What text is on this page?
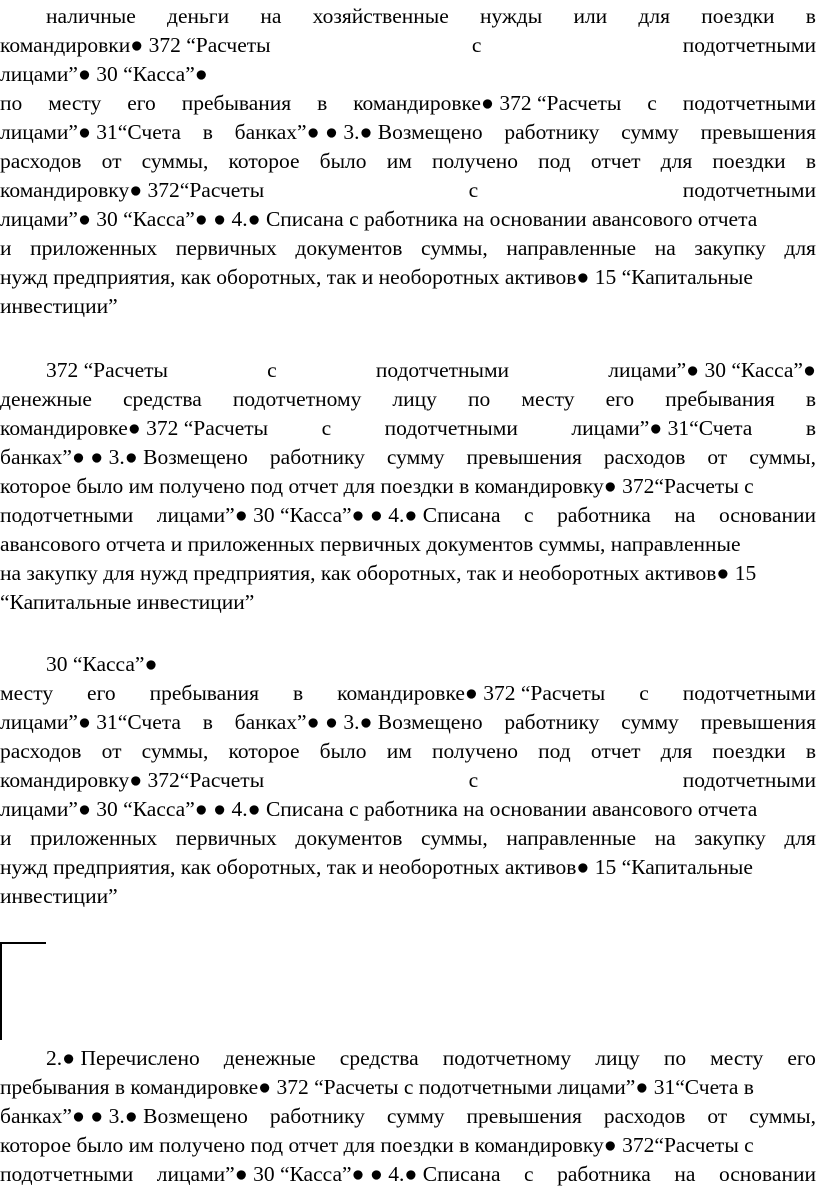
наличные деньги на хозяйственные нужды или для поездки в
командировки● 372 “Расчеты	с	подотчетными
лицами”● 30 “Касса”●
по месту его пребывания в командировке● 372 “Расчеты с подотчетными
лицами”● 31“Счета в банках”● ● 3.● Возмещено работнику сумму превышения
расходов от суммы, которое было им получено под отчет для поездки в
командировку● 372“Расчеты	с	подотчетными
лицами”● 30 “Касса”● ● 4.● Списана с работника на основании авансового отчета
и приложенных первичных документов суммы, направленные на закупку для
нужд предприятия, как оборотных, так и необоротных активов● 15 “Капитальные
инвестиции”
372 “Расчеты	с	подотчетными	лицами”● 30 “Касса”●
денежные средства подотчетному лицу по месту его пребывания в
командировке● 372 “Расчеты с подотчетными лицами”● 31“Счета в
банках”● ● 3.● Возмещено работнику сумму превышения расходов от суммы,
которое было им получено под отчет для поездки в командировку● 372“Расчеты с
подотчетными лицами”● 30 “Касса”● ● 4.● Списана с работника на основании
авансового отчета и приложенных первичных документов суммы, направленные
на закупку для нужд предприятия, как оборотных, так и необоротных активов● 15
“Капитальные инвестиции”
30 “Касса”●
месту его пребывания в командировке● 372 “Расчеты с подотчетными
лицами”● 31“Счета в банках”● ● 3.● Возмещено работнику сумму превышения
расходов от суммы, которое было им получено под отчет для поездки в
командировку● 372“Расчеты	с	подотчетными
лицами”● 30 “Касса”● ● 4.● Списана с работника на основании авансового отчета
и приложенных первичных документов суммы, направленные на закупку для
нужд предприятия, как оборотных, так и необоротных активов● 15 “Капитальные
инвестиции”
2.● Перечислено денежные средства подотчетному лицу по месту его
пребывания в командировке● 372 “Расчеты с подотчетными лицами”● 31“Счета в
банках”● ● 3.● Возмещено работнику сумму превышения расходов от суммы,
которое было им получено под отчет для поездки в командировку● 372“Расчеты с
подотчетными лицами”● 30 “Касса”● ● 4.● Списана с работника на основании
